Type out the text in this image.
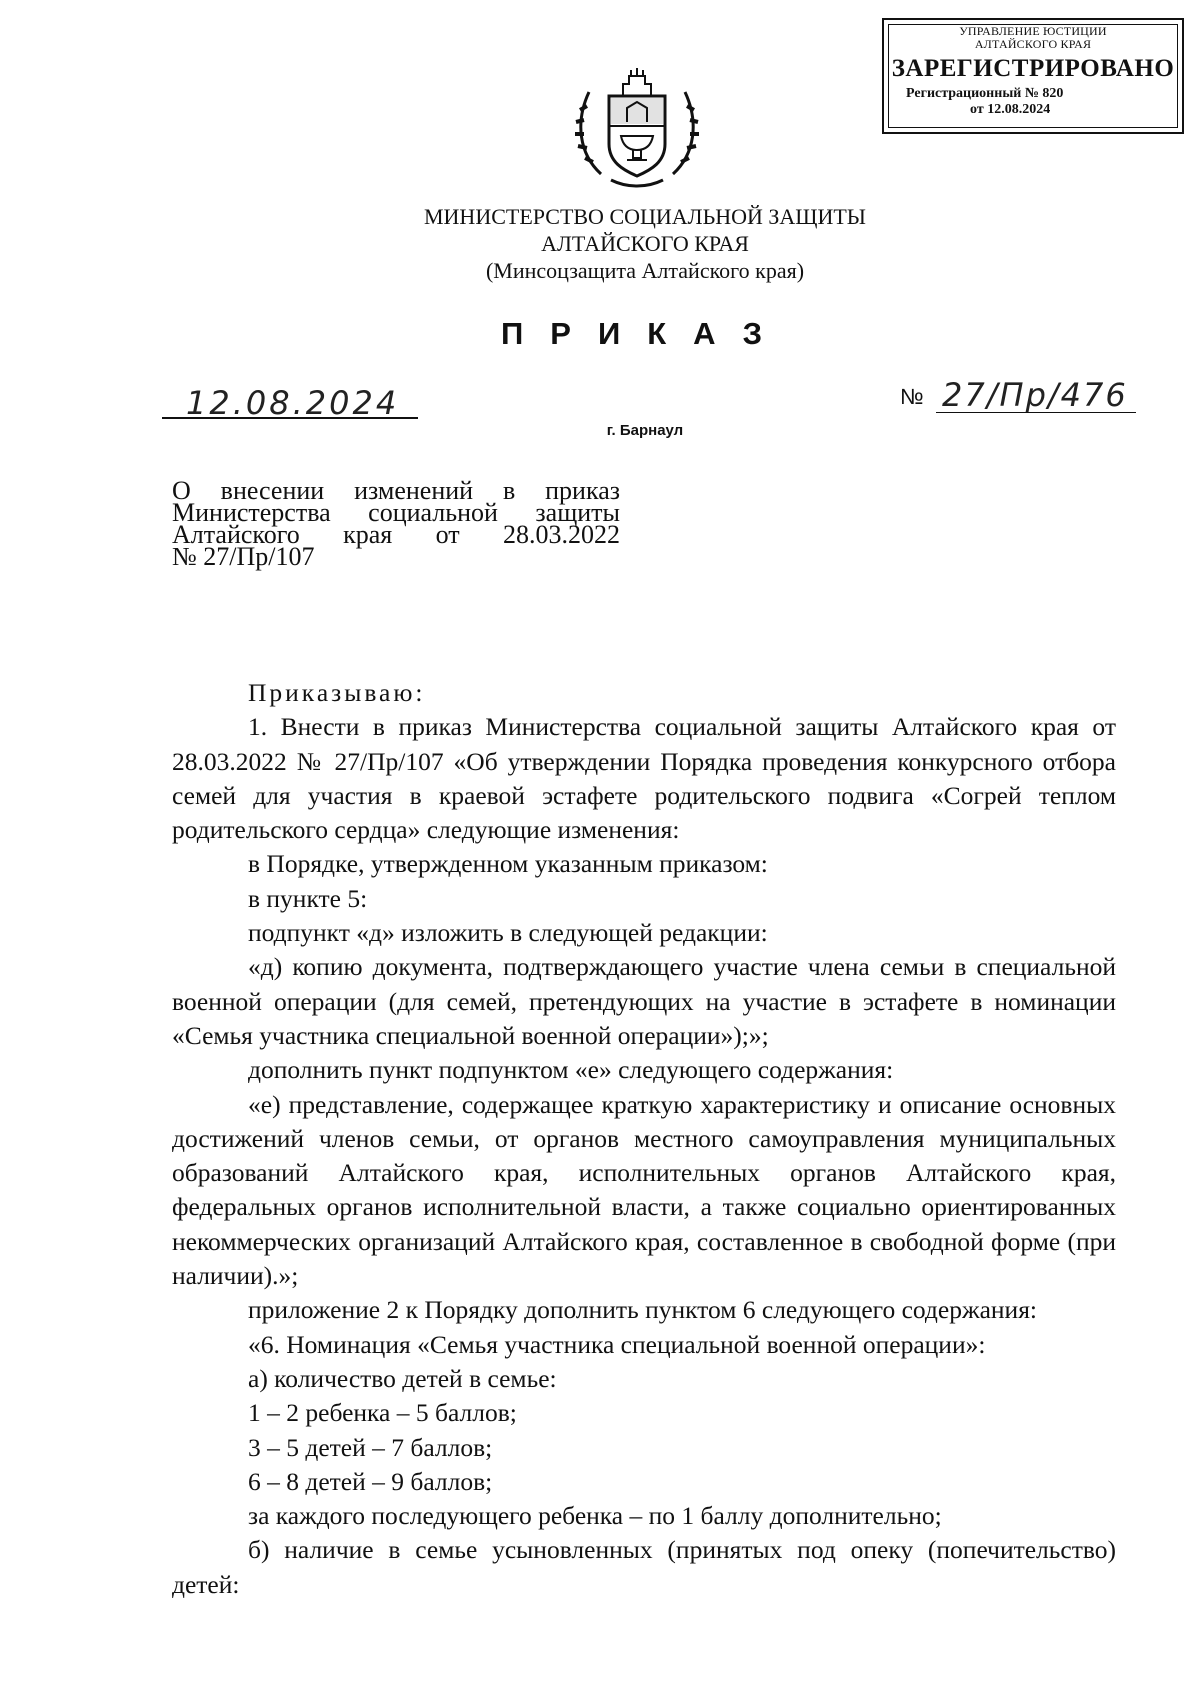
УПРАВЛЕНИЕ ЮСТИЦИИ
АЛТАЙСКОГО КРАЯ
ЗАРЕГИСТРИРОВАНО
Регистрационный № 820
от 12.08.2024
МИНИСТЕРСТВО СОЦИАЛЬНОЙ ЗАЩИТЫ
АЛТАЙСКОГО КРАЯ
(Минсоцзащита Алтайского края)
ПРИКАЗ
12.08.2024	№ 27/Пр/476
г. Барнаул
О внесении изменений в приказ
Министерства социальной защиты
Алтайского края от 28.03.2022
№ 27/Пр/107

Приказываю:

1. Внести в приказ Министерства социальной защиты Алтайского края от 28.03.2022 № 27/Пр/107 «Об утверждении Порядка проведения конкурсного отбора семей для участия в краевой эстафете родительского подвига «Согрей теплом родительского сердца» следующие изменения:

в Порядке, утвержденном указанным приказом:

в пункте 5:

подпункт «д» изложить в следующей редакции:

«д) копию документа, подтверждающего участие члена семьи в специальной военной операции (для семей, претендующих на участие в эстафете в номинации «Семья участника специальной военной операции»);»;

дополнить пункт подпунктом «е» следующего содержания:

«е) представление, содержащее краткую характеристику и описание основных достижений членов семьи, от органов местного самоуправления муниципальных образований Алтайского края, исполнительных органов Алтайского края, федеральных органов исполнительной власти, а также социально ориентированных некоммерческих организаций Алтайского края, составленное в свободной форме (при наличии).»;

приложение 2 к Порядку дополнить пунктом 6 следующего содержания:

«6. Номинация «Семья участника специальной военной операции»:

а) количество детей в семье:

1 – 2 ребенка – 5 баллов;

3 – 5 детей – 7 баллов;

6 – 8 детей – 9 баллов;

за каждого последующего ребенка – по 1 баллу дополнительно;

б) наличие в семье усыновленных (принятых под опеку (попечительство) детей:
